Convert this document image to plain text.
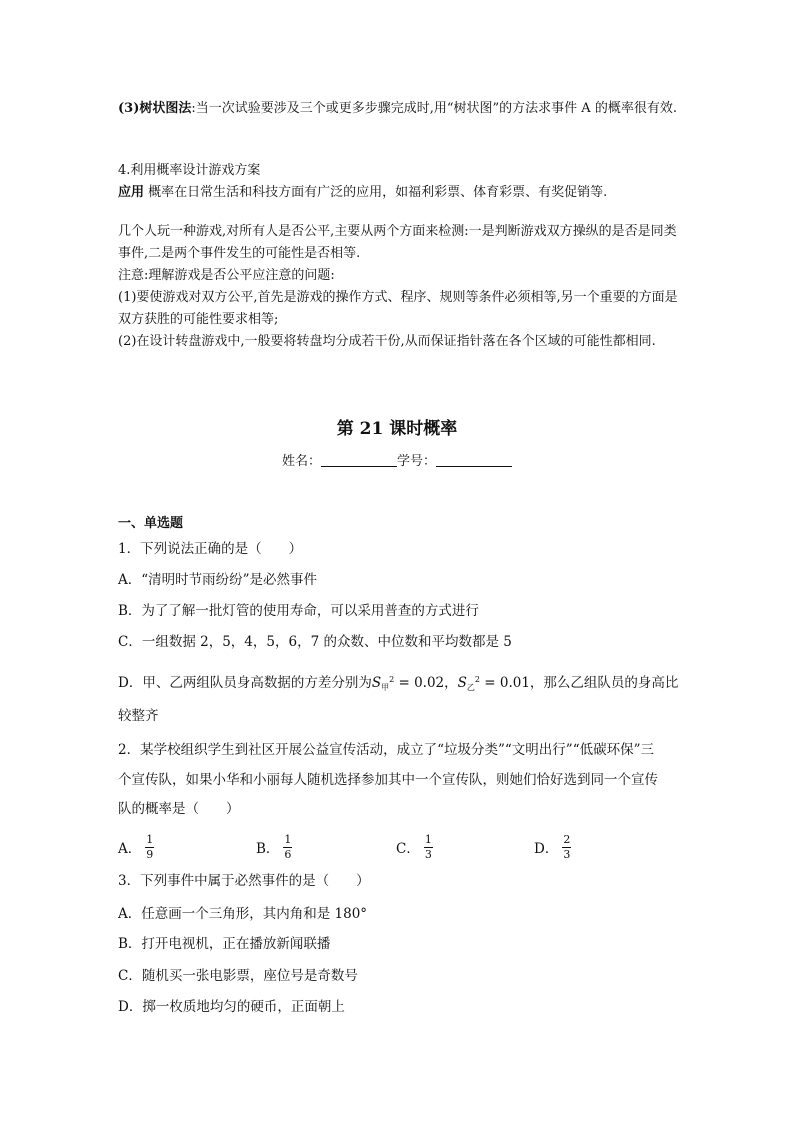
(3)树状图法:当一次试验要涉及三个或更多步骤完成时,用“树状图”的方法求事件 A 的概率很有效.

4.利用概率设计游戏方案

应用 概率在日常生活和科技方面有广泛的应用，如福利彩票、体育彩票、有奖促销等.

几个人玩一种游戏,对所有人是否公平,主要从两个方面来检测:一是判断游戏双方操纵的是否是同类事件,二是两个事件发生的可能性是否相等.

注意:理解游戏是否公平应注意的问题:

(1)要使游戏对双方公平,首先是游戏的操作方式、程序、规则等条件必须相等,另一个重要的方面是双方获胜的可能性要求相等;

(2)在设计转盘游戏中,一般要将转盘均分成若干份,从而保证指针落在各个区域的可能性都相同.

第 21 课时概率
姓名：	学号：
一、单选题
1．下列说法正确的是（　　）
A．“清明时节雨纷纷”是必然事件
B．为了了解一批灯管的使用寿命，可以采用普查的方式进行
C．一组数据 2，5，4，5，6，7 的众数、中位数和平均数都是 5
D．甲、乙两组队员身高数据的方差分别为$S_甲^2 = 0.02$，$S_乙^2 = 0.01$，那么乙组队员的身高比
较整齐
2．某学校组织学生到社区开展公益宣传活动，成立了“垃圾分类”“文明出行”“低碳环保”三
个宣传队，如果小华和小丽每人随机选择参加其中一个宣传队，则她们恰好选到同一个宣传
队的概率是（　　）
A． $\frac{1}{9}$	B． $\frac{1}{6}$	C． $\frac{1}{3}$	D． $\frac{2}{3}$
3．下列事件中属于必然事件的是（　　）
A．任意画一个三角形，其内角和是 180°
B．打开电视机，正在播放新闻联播
C．随机买一张电影票，座位号是奇数号
D．掷一枚质地均匀的硬币，正面朝上
